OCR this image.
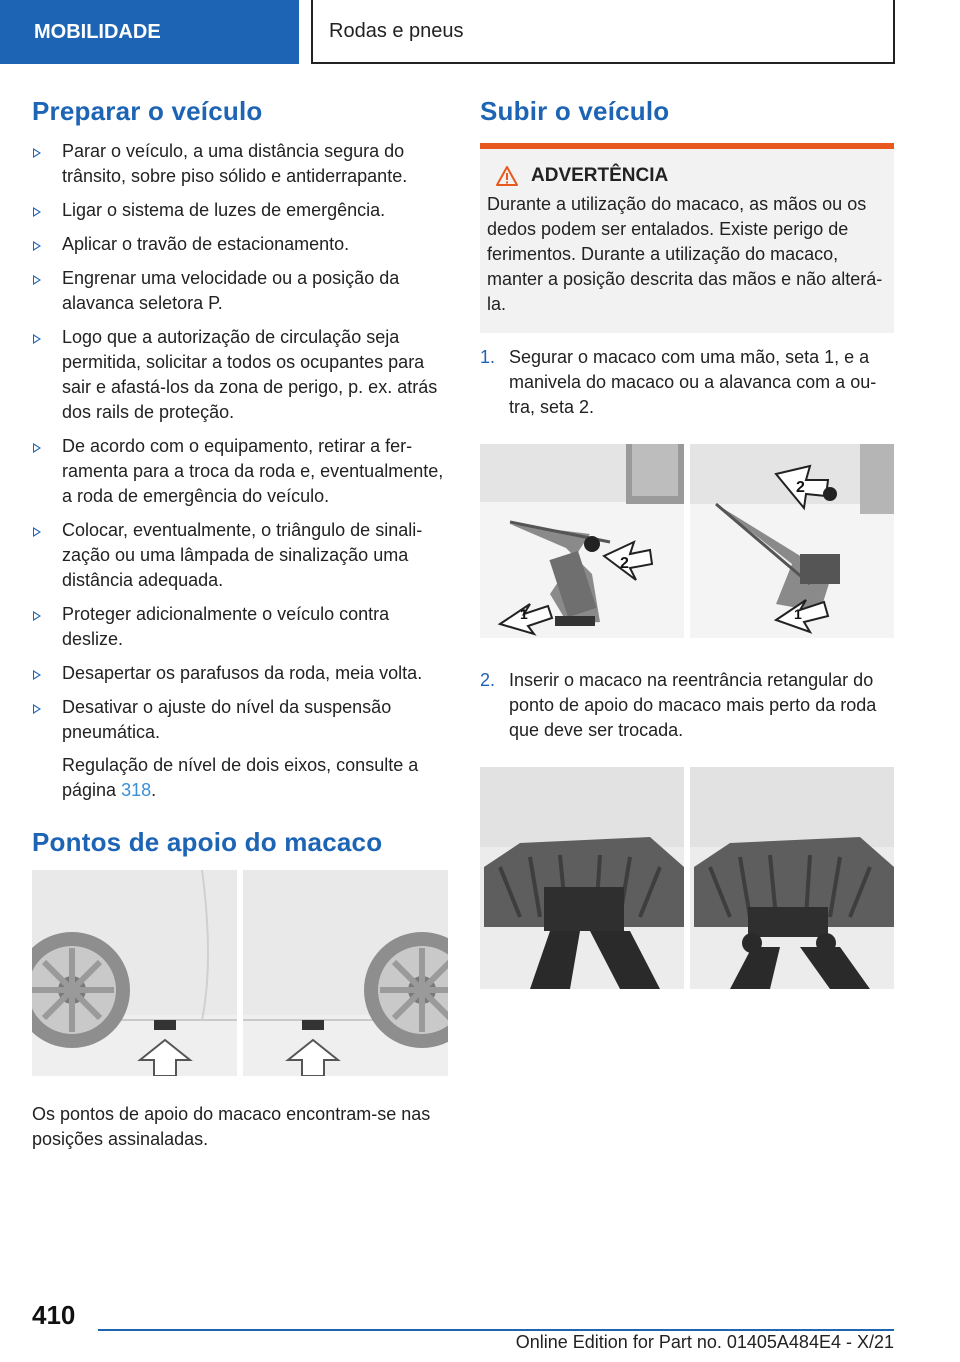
MOBILIDADE	Rodas e pneus
Preparar o veículo
Parar o veículo, a uma distância segura do trânsito, sobre piso sólido e antiderrapante.
Ligar o sistema de luzes de emergência.
Aplicar o travão de estacionamento.
Engrenar uma velocidade ou a posição da alavanca seletora P.
Logo que a autorização de circulação seja permitida, solicitar a todos os ocupantes para sair e afastá-los da zona de perigo, p. ex. atrás dos rails de proteção.
De acordo com o equipamento, retirar a ferramenta para a troca da roda e, eventualmente, a roda de emergência do veículo.
Colocar, eventualmente, o triângulo de sinalização ou uma lâmpada de sinalização uma distância adequada.
Proteger adicionalmente o veículo contra deslize.
Desapertar os parafusos da roda, meia volta.
Desativar o ajuste do nível da suspensão pneumática.
Regulação de nível de dois eixos, consulte a página 318.
Pontos de apoio do macaco
Os pontos de apoio do macaco encontram-se nas posições assinaladas.
Subir o veículo
ADVERTÊNCIA
Durante a utilização do macaco, as mãos ou os dedos podem ser entalados. Existe perigo de ferimentos. Durante a utilização do macaco, manter a posição descrita das mãos e não alterá-la.
1. Segurar o macaco com uma mão, seta 1, e a manivela do macaco ou a alavanca com a outra, seta 2.
1
2
2
1
2. Inserir o macaco na reentrância retangular do ponto de apoio do macaco mais perto da roda que deve ser trocada.
410
Online Edition for Part no. 01405A484E4 - X/21
